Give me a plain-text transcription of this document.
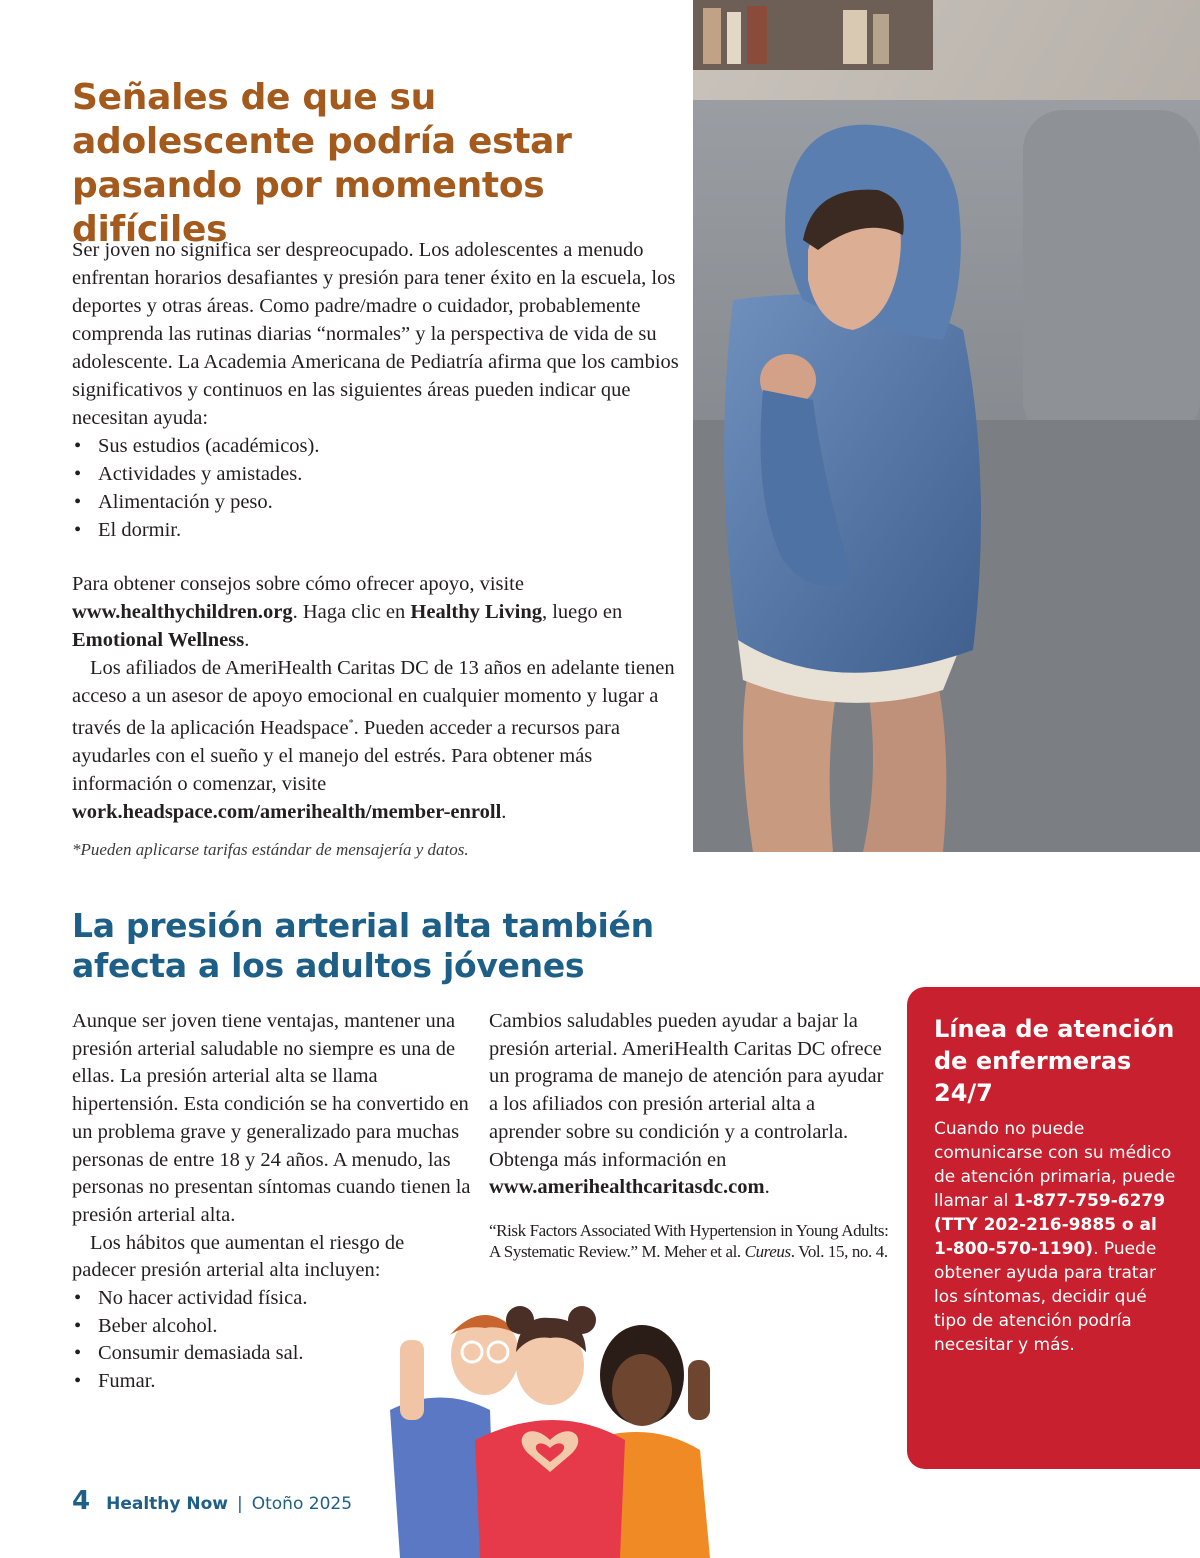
Señales de que su adolescente podría estar pasando por momentos difíciles

Ser joven no significa ser despreocupado. Los adolescentes a menudo enfrentan horarios desafiantes y presión para tener éxito en la escuela, los deportes y otras áreas. Como padre/madre o cuidador, probablemente comprenda las rutinas diarias “normales” y la perspectiva de vida de su adolescente. La Academia Americana de Pediatría afirma que los cambios significativos y continuos en las siguientes áreas pueden indicar que necesitan ayuda:

• Sus estudios (académicos).
• Actividades y amistades.
• Alimentación y peso.
• El dormir.

Para obtener consejos sobre cómo ofrecer apoyo, visite www.healthychildren.org. Haga clic en Healthy Living, luego en Emotional Wellness.

Los afiliados de AmeriHealth Caritas DC de 13 años en adelante tienen acceso a un asesor de apoyo emocional en cualquier momento y lugar a través de la aplicación Headspace*. Pueden acceder a recursos para ayudarles con el sueño y el manejo del estrés. Para obtener más información o comenzar, visite work.headspace.com/amerihealth/member-enroll.

*Pueden aplicarse tarifas estándar de mensajería y datos.

La presión arterial alta también afecta a los adultos jóvenes

Aunque ser joven tiene ventajas, mantener una presión arterial saludable no siempre es una de ellas. La presión arterial alta se llama hipertensión. Esta condición se ha convertido en un problema grave y generalizado para muchas personas de entre 18 y 24 años. A menudo, las personas no presentan síntomas cuando tienen la presión arterial alta.

Los hábitos que aumentan el riesgo de padecer presión arterial alta incluyen:

• No hacer actividad física.
• Beber alcohol.
• Consumir demasiada sal.
• Fumar.

Cambios saludables pueden ayudar a bajar la presión arterial. AmeriHealth Caritas DC ofrece un programa de manejo de atención para ayudar a los afiliados con presión arterial alta a aprender sobre su condición y a controlarla. Obtenga más información en www.amerihealthcaritasdc.com.

“Risk Factors Associated With Hypertension in Young Adults: A Systematic Review.” M. Meher et al. Cureus. Vol. 15, no. 4.

Línea de atención de enfermeras 24/7

Cuando no puede comunicarse con su médico de atención primaria, puede llamar al 1-877-759-6279 (TTY 202-216-9885 o al 1-800-570-1190). Puede obtener ayuda para tratar los síntomas, decidir qué tipo de atención podría necesitar y más.

4 Healthy Now | Otoño 2025
